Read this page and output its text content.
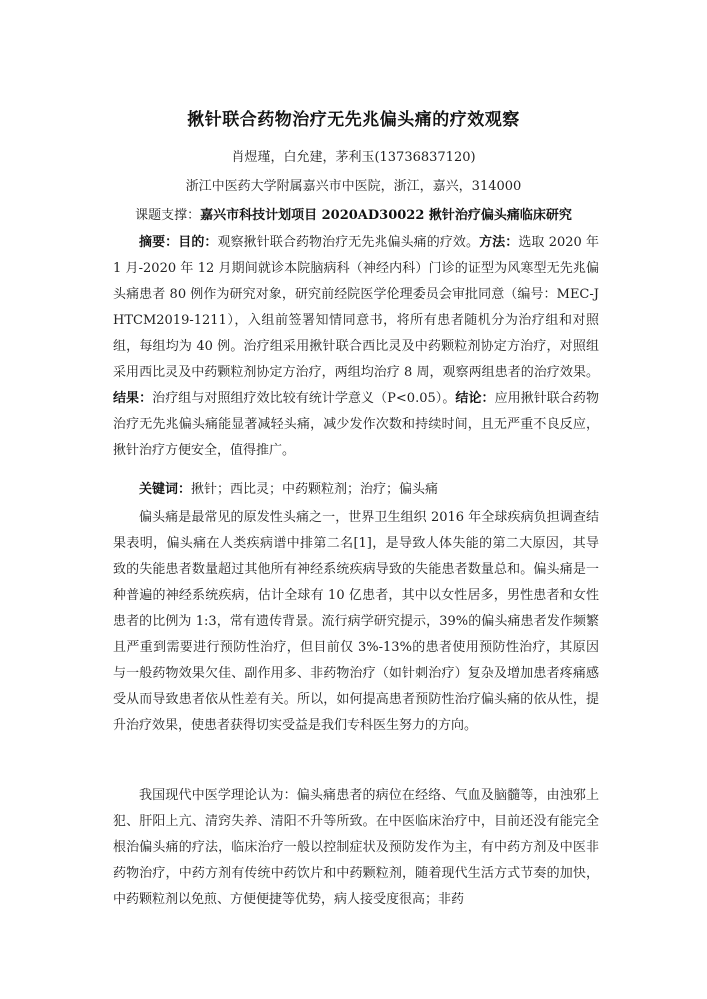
揪针联合药物治疗无先兆偏头痛的疗效观察
肖煜瑾，白允建，茅利玉(13736837120)
浙江中医药大学附属嘉兴市中医院，浙江，嘉兴，314000
课题支撑：嘉兴市科技计划项目 2020AD30022 揪针治疗偏头痛临床研究

摘要：目的：观察揪针联合药物治疗无先兆偏头痛的疗效。方法：选取 2020 年 1 月-2020 年 12 月期间就诊本院脑病科（神经内科）门诊的证型为风寒型无先兆偏头痛患者 80 例作为研究对象，研究前经院医学伦理委员会审批同意（编号：MEC-JHTCM2019-1211），入组前签署知情同意书，将所有患者随机分为治疗组和对照组，每组均为 40 例。治疗组采用揪针联合西比灵及中药颗粒剂协定方治疗，对照组采用西比灵及中药颗粒剂协定方治疗，两组均治疗 8 周，观察两组患者的治疗效果。结果：治疗组与对照组疗效比较有统计学意义（P<0.05）。结论：应用揪针联合药物治疗无先兆偏头痛能显著减轻头痛，减少发作次数和持续时间，且无严重不良反应，揪针治疗方便安全，值得推广。

关键词：揪针；西比灵；中药颗粒剂；治疗；偏头痛

偏头痛是最常见的原发性头痛之一，世界卫生组织 2016 年全球疾病负担调查结果表明，偏头痛在人类疾病谱中排第二名[1]，是导致人体失能的第二大原因，其导致的失能患者数量超过其他所有神经系统疾病导致的失能患者数量总和。偏头痛是一种普遍的神经系统疾病，估计全球有 10 亿患者，其中以女性居多，男性患者和女性患者的比例为 1:3，常有遗传背景。流行病学研究提示，39%的偏头痛患者发作频繁且严重到需要进行预防性治疗，但目前仅 3%-13%的患者使用预防性治疗，其原因与一般药物效果欠佳、副作用多、非药物治疗（如针刺治疗）复杂及增加患者疼痛感受从而导致患者依从性差有关。所以，如何提高患者预防性治疗偏头痛的依从性，提升治疗效果，使患者获得切实受益是我们专科医生努力的方向。

我国现代中医学理论认为：偏头痛患者的病位在经络、气血及脑髓等，由浊邪上犯、肝阳上亢、清窍失养、清阳不升等所致。在中医临床治疗中，目前还没有能完全根治偏头痛的疗法，临床治疗一般以控制症状及预防发作为主，有中药方剂及中医非药物治疗，中药方剂有传统中药饮片和中药颗粒剂，随着现代生活方式节奏的加快，中药颗粒剂以免煎、方便便捷等优势，病人接受度很高；非药
